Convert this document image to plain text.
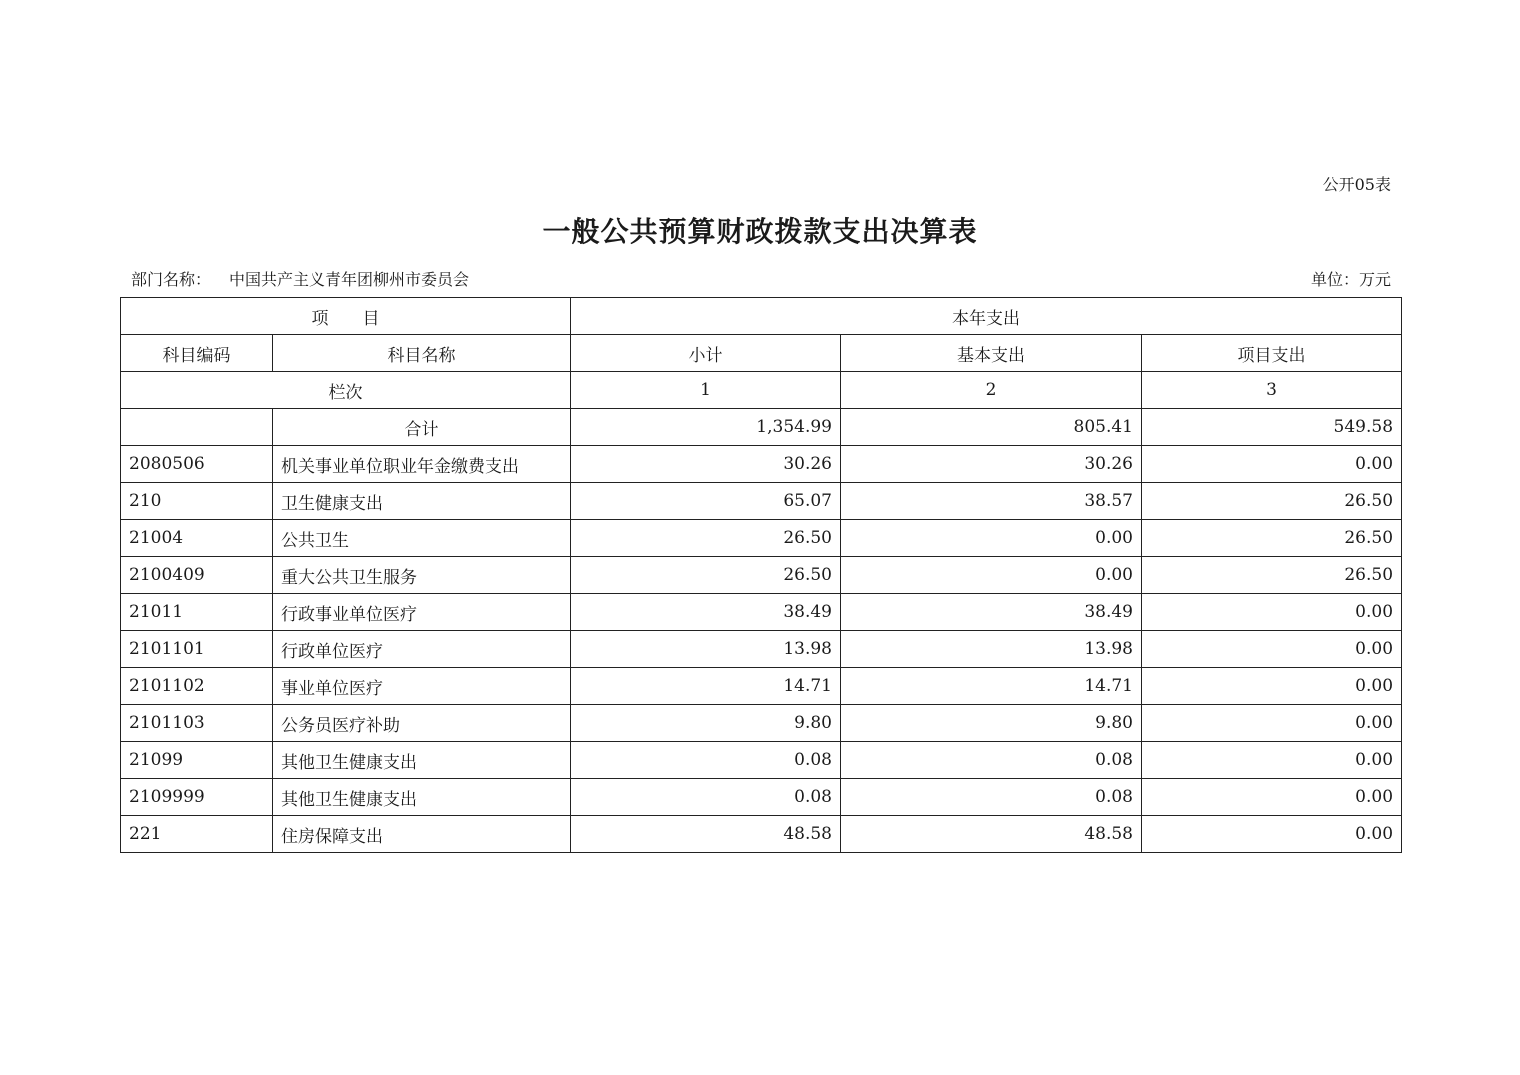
公开05表
一般公共预算财政拨款支出决算表
部门名称： 中国共产主义青年团柳州市委员会	单位：万元
项　　目		本年支出		
科目编码	科目名称	小计	基本支出	项目支出
栏次		1	2	3
	合计	1,354.99	805.41	549.58
2080506	机关事业单位职业年金缴费支出	30.26	30.26	0.00
210	卫生健康支出	65.07	38.57	26.50
21004	公共卫生	26.50	0.00	26.50
2100409	重大公共卫生服务	26.50	0.00	26.50
21011	行政事业单位医疗	38.49	38.49	0.00
2101101	行政单位医疗	13.98	13.98	0.00
2101102	事业单位医疗	14.71	14.71	0.00
2101103	公务员医疗补助	9.80	9.80	0.00
21099	其他卫生健康支出	0.08	0.08	0.00
2109999	其他卫生健康支出	0.08	0.08	0.00
221	住房保障支出	48.58	48.58	0.00
